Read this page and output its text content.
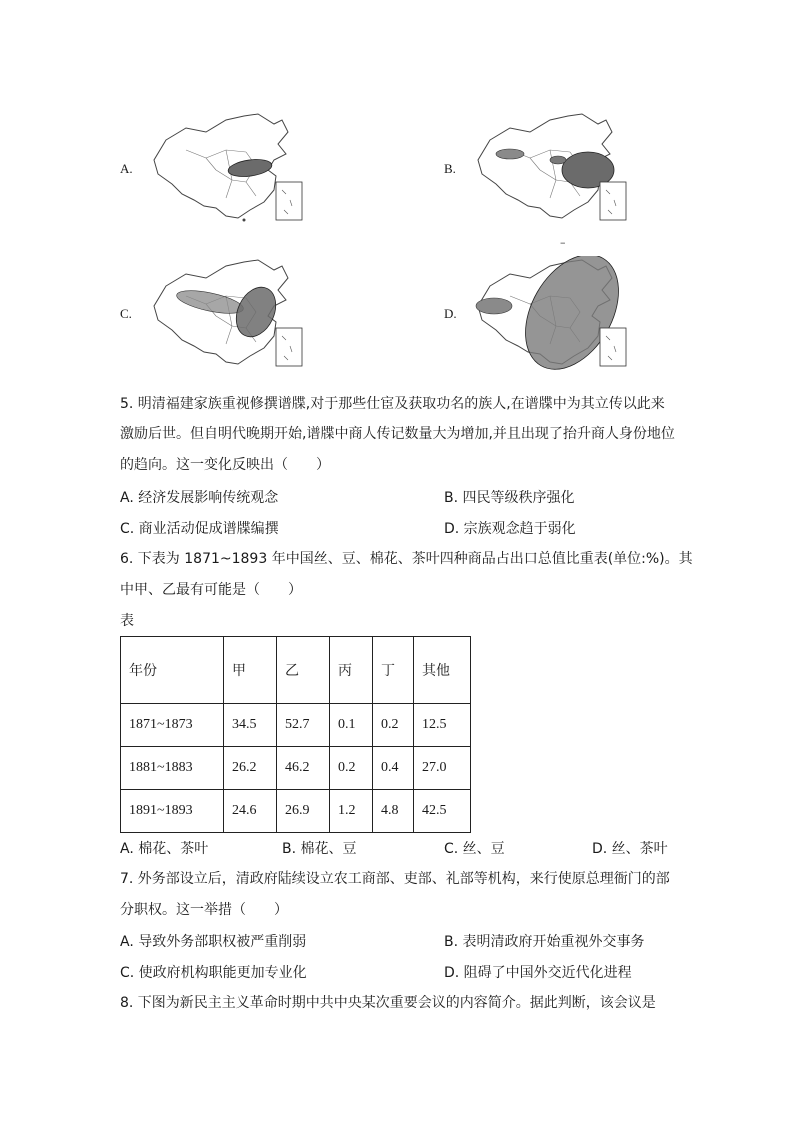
A.	B.
C.	D.
–
5. 明清福建家族重视修撰谱牒,对于那些仕宦及获取功名的族人,在谱牒中为其立传以此来
激励后世。但自明代晚期开始,谱牒中商人传记数量大为增加,并且出现了抬升商人身份地位
的趋向。这一变化反映出（　　）
A. 经济发展影响传统观念	B. 四民等级秩序强化
C. 商业活动促成谱牒编撰	D. 宗族观念趋于弱化
6. 下表为 1871~1893 年中国丝、豆、棉花、茶叶四种商品占出口总值比重表(单位:%)。其
中甲、乙最有可能是（　　）
表
年份	甲	乙	丙	丁	其他
1871~1873	34.5	52.7	0.1	0.2	12.5
1881~1883	26.2	46.2	0.2	0.4	27.0
1891~1893	24.6	26.9	1.2	4.8	42.5
A. 棉花、茶叶	B. 棉花、豆	C. 丝、豆	D. 丝、茶叶
7. 外务部设立后，清政府陆续设立农工商部、吏部、礼部等机构，来行使原总理衙门的部
分职权。这一举措（　　）
A. 导致外务部职权被严重削弱	B. 表明清政府开始重视外交事务
C. 使政府机构职能更加专业化	D. 阻碍了中国外交近代化进程
8. 下图为新民主主义革命时期中共中央某次重要会议的内容简介。据此判断，该会议是
